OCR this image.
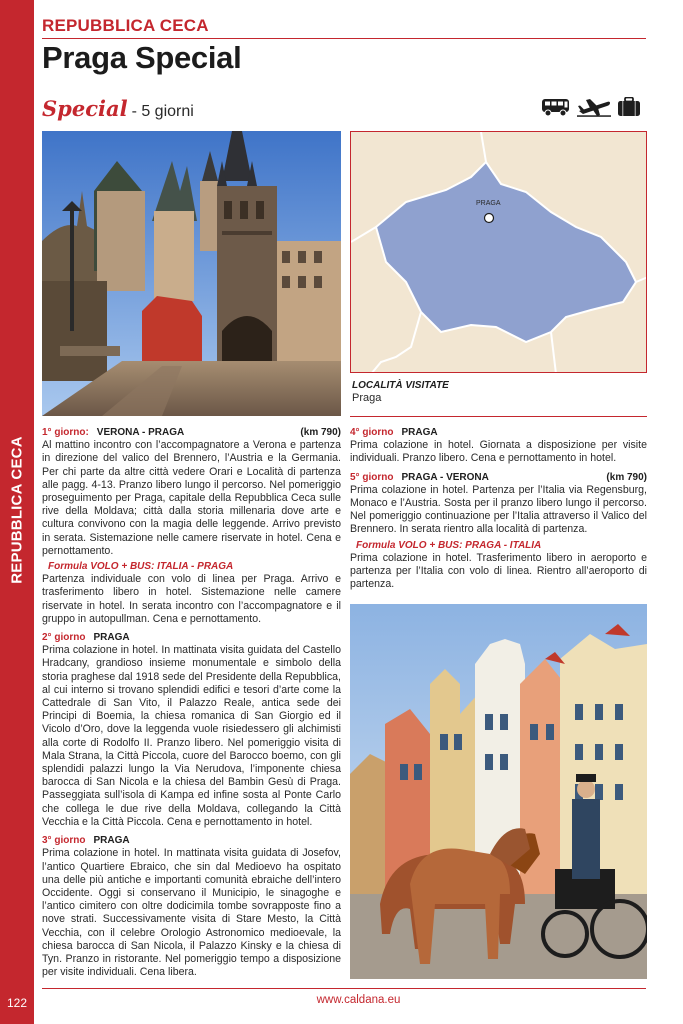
REPUBBLICA CECA
122
REPUBBLICA CECA
Praga Special
Special - 5 giorni
PRAGA
LOCALITÀ VISITATE
Praga
1° giorno: VERONA - PRAGA	(km 790)
Al mattino incontro con l’accompagnatore a Verona e partenza in direzione del valico del Brennero, l’Austria e la Germania. Per chi parte da altre città vedere Orari e Località di partenza alle pagg. 4-13. Pranzo libero lungo il percorso. Nel pomeriggio proseguimento per Praga, capitale della Repubblica Ceca sulle rive della Moldava; città dalla storia millenaria dove arte e cultura convivono con la magia delle leggende. Arrivo previsto in serata. Sistemazione nelle camere riservate in hotel. Cena e pernottamento.
Formula VOLO + BUS: ITALIA - PRAGA
Partenza individuale con volo di linea per Praga. Arrivo e trasferimento libero in hotel. Sistemazione nelle camere riservate in hotel. In serata incontro con l’accompagnatore e il gruppo in autopullman. Cena e pernottamento.
2° giorno PRAGA
Prima colazione in hotel. In mattinata visita guidata del Castello Hradcany, grandioso insieme monumentale e simbolo della storia praghese dal 1918 sede del Presidente della Repubblica, al cui interno si trovano splendidi edifici e tesori d’arte come la Cattedrale di San Vito, il Palazzo Reale, antica sede dei Principi di Boemia, la chiesa romanica di San Giorgio ed il Vicolo d’Oro, dove la leggenda vuole risiedessero gli alchimisti alla corte di Rodolfo II. Pranzo libero. Nel pomeriggio visita di Mala Strana, la Città Piccola, cuore del Barocco boemo, con gli splendidi palazzi lungo la Via Nerudova, l’imponente chiesa barocca di San Nicola e la chiesa del Bambin Gesù di Praga. Passeggiata sull’isola di Kampa ed infine sosta al Ponte Carlo che collega le due rive della Moldava, collegando la Città Vecchia e la Città Piccola. Cena e pernottamento in hotel.
3° giorno PRAGA
Prima colazione in hotel. In mattinata visita guidata di Josefov, l’antico Quartiere Ebraico, che sin dal Medioevo ha ospitato una delle più antiche e importanti comunità ebraiche dell’intero Occidente. Oggi si conservano il Municipio, le sinagoghe e l’antico cimitero con oltre dodicimila tombe sovrapposte fino a nove strati. Successivamente visita di Stare Mesto, la Città Vecchia, con il celebre Orologio Astronomico medioevale, la chiesa barocca di San Nicola, il Palazzo Kinsky e la chiesa di Tyn. Pranzo in ristorante. Nel pomeriggio tempo a disposizione per visite individuali. Cena libera.
4° giorno PRAGA
Prima colazione in hotel. Giornata a disposizione per visite individuali. Pranzo libero. Cena e pernottamento in hotel.
5° giorno PRAGA - VERONA	(km 790)
Prima colazione in hotel. Partenza per l’Italia via Regensburg, Monaco e l’Austria. Sosta per il pranzo libero lungo il percorso. Nel pomeriggio continuazione per l’Italia attraverso il Valico del Brennero. In serata rientro alla località di partenza.
Formula VOLO + BUS: PRAGA - ITALIA
Prima colazione in hotel. Trasferimento libero in aeroporto e partenza per l’Italia con volo di linea. Rientro all’aeroporto di partenza.
www.caldana.eu
